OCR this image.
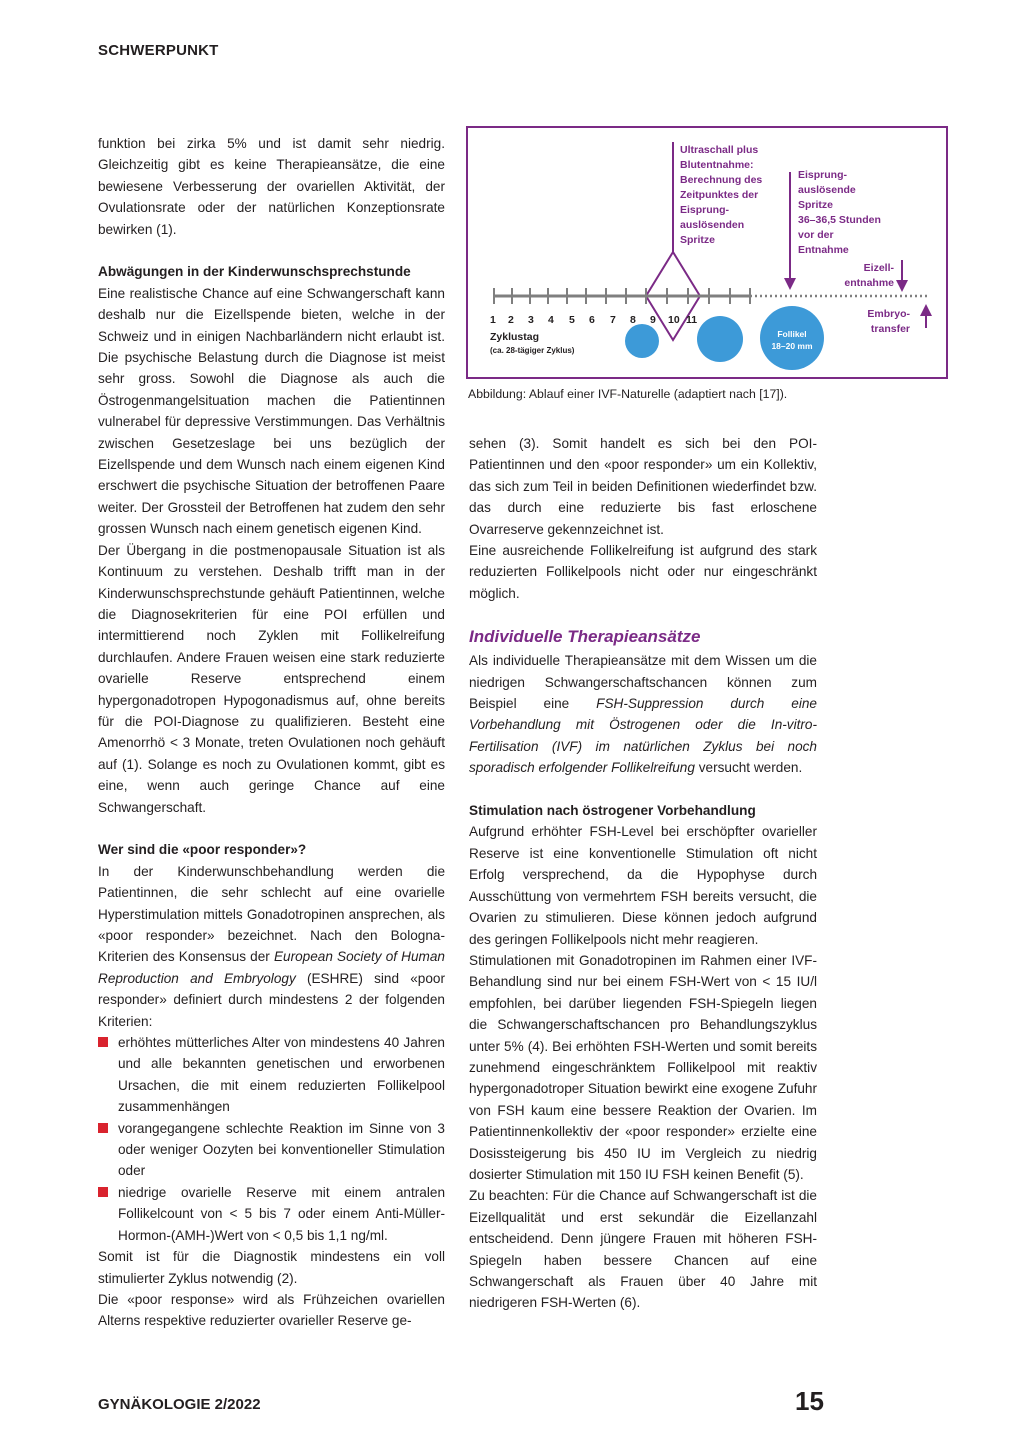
SCHWERPUNKT

funktion bei zirka 5% und ist damit sehr niedrig. Gleichzeitig gibt es keine Therapieansätze, die eine bewiesene Verbesserung der ovariellen Aktivität, der Ovulationsrate oder der natürlichen Konzeptionsrate bewirken (1).

Abwägungen in der Kinderwunschsprechstunde

Eine realistische Chance auf eine Schwangerschaft kann deshalb nur die Eizellspende bieten, welche in der Schweiz und in einigen Nachbarländern nicht erlaubt ist. Die psychische Belastung durch die Diagnose ist meist sehr gross. Sowohl die Diagnose als auch die Östrogenmangelsituation machen die Patientinnen vulnerabel für depressive Verstimmungen. Das Verhältnis zwischen Gesetzeslage bei uns bezüglich der Eizellspende und dem Wunsch nach einem eigenen Kind erschwert die psychische Situation der betroffenen Paare weiter. Der Grossteil der Betroffenen hat zudem den sehr grossen Wunsch nach einem genetisch eigenen Kind.

Der Übergang in die postmenopausale Situation ist als Kontinuum zu verstehen. Deshalb trifft man in der Kinderwunschsprechstunde gehäuft Patientinnen, welche die Diagnosekriterien für eine POI erfüllen und intermittierend noch Zyklen mit Follikelreifung durchlaufen. Andere Frauen weisen eine stark reduzierte ovarielle Reserve entsprechend einem hypergonadotropen Hypogonadismus auf, ohne bereits für die POI-Diagnose zu qualifizieren. Besteht eine Amenorrhö < 3 Monate, treten Ovulationen noch gehäuft auf (1). Solange es noch zu Ovulationen kommt, gibt es eine, wenn auch geringe Chance auf eine Schwangerschaft.

Wer sind die «poor responder»?

In der Kinderwunschbehandlung werden die Patientinnen, die sehr schlecht auf eine ovarielle Hyperstimulation mittels Gonadotropinen ansprechen, als «poor responder» bezeichnet. Nach den Bologna-Kriterien des Konsensus der European Society of Human Reproduction and Embryology (ESHRE) sind «poor responder» definiert durch mindestens 2 der folgenden Kriterien:

erhöhtes mütterliches Alter von mindestens 40 Jahren und alle bekannten genetischen und erworbenen Ursachen, die mit einem reduzierten Follikelpool zusammenhängen
vorangegangene schlechte Reaktion im Sinne von 3 oder weniger Oozyten bei konventioneller Stimulation oder
niedrige ovarielle Reserve mit einem antralen Follikelcount von < 5 bis 7 oder einem Anti-Müller-Hormon-(AMH-)Wert von < 0,5 bis 1,1 ng/ml.

Somit ist für die Diagnostik mindestens ein voll stimulierter Zyklus notwendig (2).

Die «poor response» wird als Frühzeichen ovariellen Alterns respektive reduzierter ovarieller Reserve ge-

Ultraschall plus Blutentnahme: Berechnung des Zeitpunktes der Eisprung-auslösenden Spritze
Eisprung-auslösende Spritze 36–36,5 Stunden vor der Entnahme
Eizell-entnahme
Embryo-transfer
1 2 3 4 5 6 7 8 9 10 11
Zyklustag
(ca. 28-tägiger Zyklus)
Follikel
18–20 mm
Abbildung: Ablauf einer IVF-Naturelle (adaptiert nach [17]).

sehen (3). Somit handelt es sich bei den POI-Patientinnen und den «poor responder» um ein Kollektiv, das sich zum Teil in beiden Definitionen wiederfindet bzw. das durch eine reduzierte bis fast erloschene Ovarreserve gekennzeichnet ist.

Eine ausreichende Follikelreifung ist aufgrund des stark reduzierten Follikelpools nicht oder nur eingeschränkt möglich.

Individuelle Therapieansätze

Als individuelle Therapieansätze mit dem Wissen um die niedrigen Schwangerschaftschancen können zum Beispiel eine FSH-Suppression durch eine Vorbehandlung mit Östrogenen oder die In-vitro-Fertilisation (IVF) im natürlichen Zyklus bei noch sporadisch erfolgender Follikelreifung versucht werden.

Stimulation nach östrogener Vorbehandlung

Aufgrund erhöhter FSH-Level bei erschöpfter ovarieller Reserve ist eine konventionelle Stimulation oft nicht Erfolg versprechend, da die Hypophyse durch Ausschüttung von vermehrtem FSH bereits versucht, die Ovarien zu stimulieren. Diese können jedoch aufgrund des geringen Follikelpools nicht mehr reagieren.

Stimulationen mit Gonadotropinen im Rahmen einer IVF-Behandlung sind nur bei einem FSH-Wert von < 15 IU/l empfohlen, bei darüber liegenden FSH-Spiegeln liegen die Schwangerschaftschancen pro Behandlungszyklus unter 5% (4). Bei erhöhten FSH-Werten und somit bereits zunehmend eingeschränktem Follikelpool mit reaktiv hypergonadotroper Situation bewirkt eine exogene Zufuhr von FSH kaum eine bessere Reaktion der Ovarien. Im Patientinnenkollektiv der «poor responder» erzielte eine Dosissteigerung bis 450 IU im Vergleich zu niedrig dosierter Stimulation mit 150 IU FSH keinen Benefit (5).

Zu beachten: Für die Chance auf Schwangerschaft ist die Eizellqualität und erst sekundär die Eizellanzahl entscheidend. Denn jüngere Frauen mit höheren FSH-Spiegeln haben bessere Chancen auf eine Schwangerschaft als Frauen über 40 Jahre mit niedrigeren FSH-Werten (6).

GYNÄKOLOGIE 2/2022	15
